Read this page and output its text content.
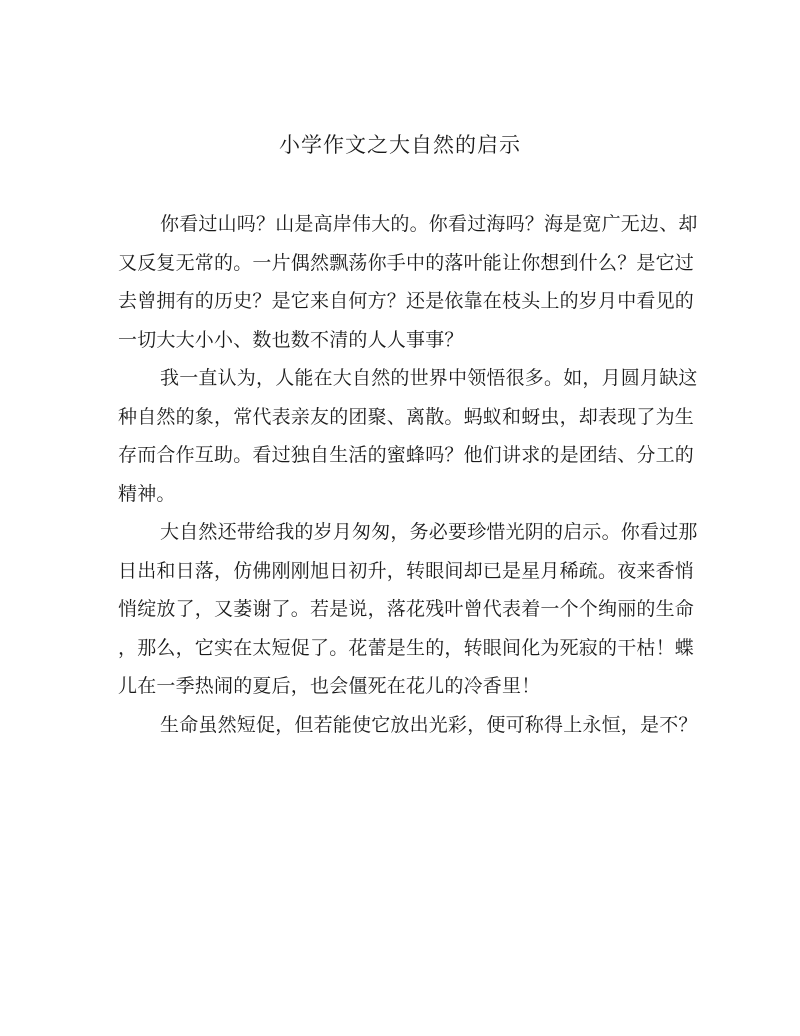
小学作文之大自然的启示
你看过山吗？山是高岸伟大的。你看过海吗？海是宽广无边、却
又反复无常的。一片偶然飘荡你手中的落叶能让你想到什么？是它过
去曾拥有的历史？是它来自何方？还是依靠在枝头上的岁月中看见的
一切大大小小、数也数不清的人人事事？
我一直认为，人能在大自然的世界中领悟很多。如，月圆月缺这
种自然的象，常代表亲友的团聚、离散。蚂蚁和蚜虫，却表现了为生
存而合作互助。看过独自生活的蜜蜂吗？他们讲求的是团结、分工的
精神。
大自然还带给我的岁月匆匆，务必要珍惜光阴的启示。你看过那
日出和日落，仿佛刚刚旭日初升，转眼间却已是星月稀疏。夜来香悄
悄绽放了，又萎谢了。若是说，落花残叶曾代表着一个个绚丽的生命
，那么，它实在太短促了。花蕾是生的，转眼间化为死寂的干枯！蝶
儿在一季热闹的夏后，也会僵死在花儿的冷香里！
生命虽然短促，但若能使它放出光彩，便可称得上永恒，是不？
